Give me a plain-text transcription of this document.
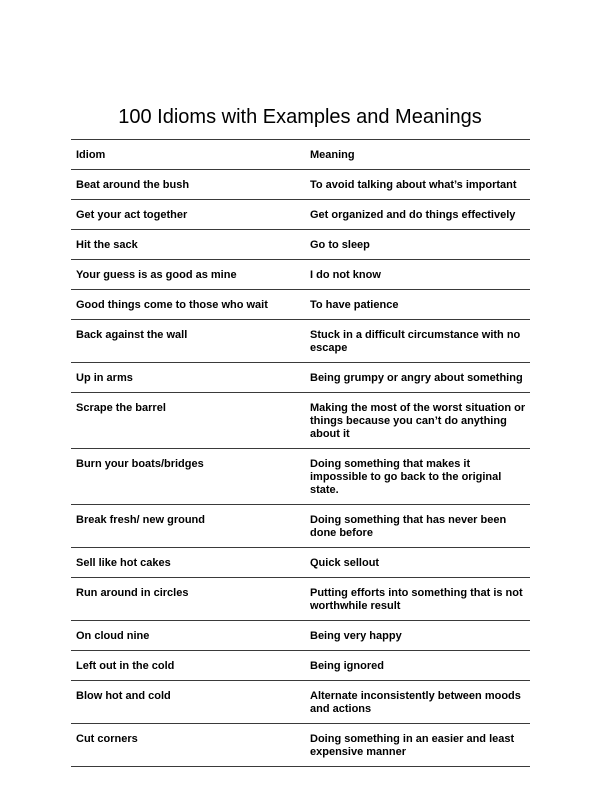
100 Idioms with Examples and Meanings
Idiom	Meaning

Beat around the bush	To avoid talking about what’s important

Get your act together	Get organized and do things effectively

Hit the sack	Go to sleep

Your guess is as good as mine	I do not know

Good things come to those who wait	To have patience

Back against the wall	Stuck in a difficult circumstance with no escape

Up in arms	Being grumpy or angry about something

Scrape the barrel	Making the most of the worst situation or things because you can’t do anything about it

Burn your boats/bridges	Doing something that makes it impossible to go back to the original state.

Break fresh/ new ground	Doing something that has never been done before

Sell like hot cakes	Quick sellout

Run around in circles	Putting efforts into something that is not worthwhile result

On cloud nine	Being very happy

Left out in the cold	Being ignored

Blow hot and cold	Alternate inconsistently between moods and actions

Cut corners	Doing something in an easier and least expensive manner
